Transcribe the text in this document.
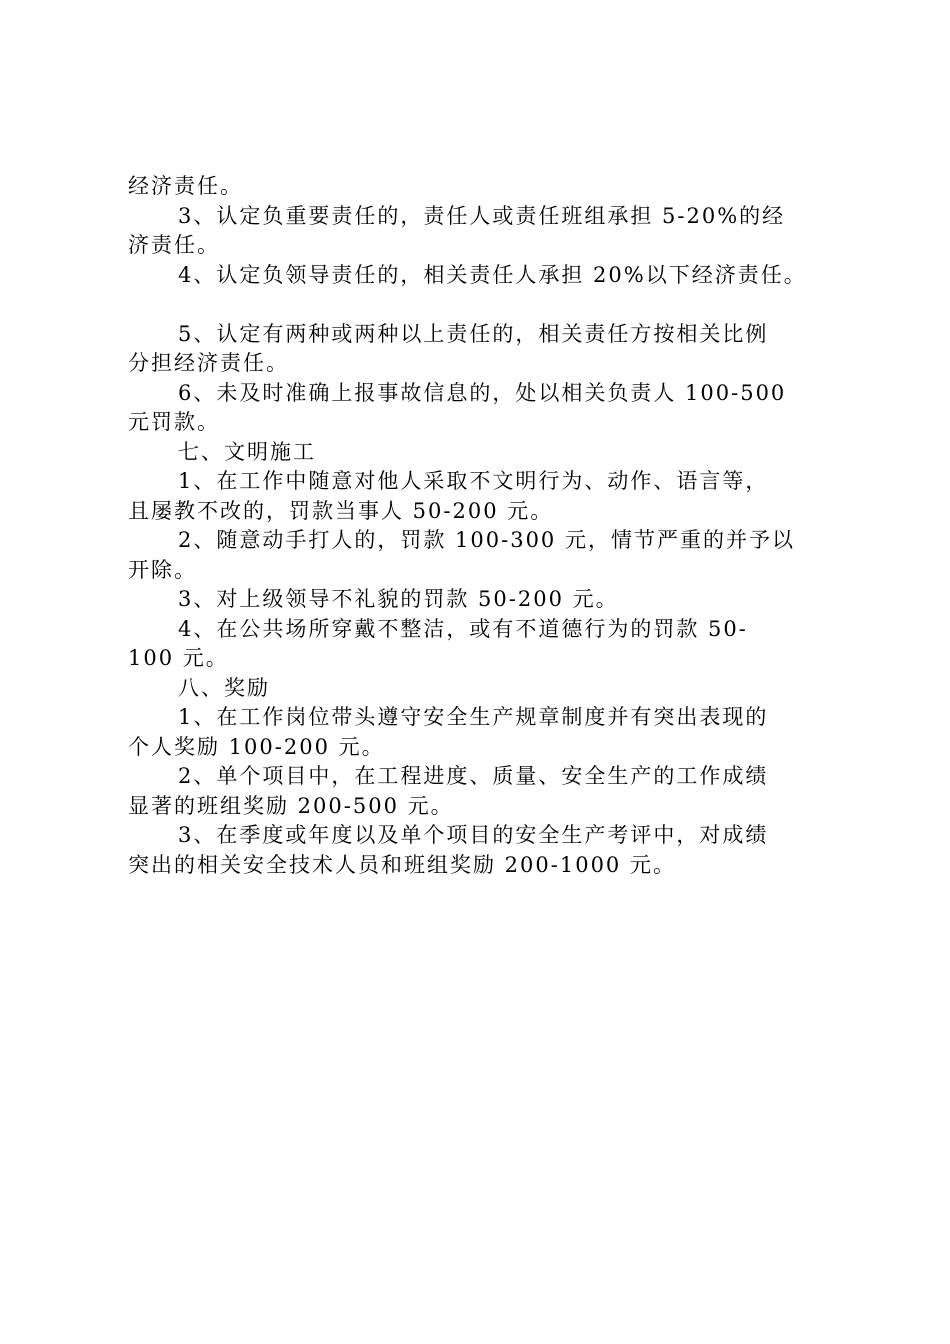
经济责任。
3、认定负重要责任的，责任人或责任班组承担 5-20%的经
济责任。
4、认定负领导责任的，相关责任人承担 20%以下经济责任。
5、认定有两种或两种以上责任的，相关责任方按相关比例
分担经济责任。
6、未及时准确上报事故信息的，处以相关负责人 100-500
元罚款。
七、文明施工
1、在工作中随意对他人采取不文明行为、动作、语言等，
且屡教不改的，罚款当事人 50-200 元。
2、随意动手打人的，罚款 100-300 元，情节严重的并予以
开除。
3、对上级领导不礼貌的罚款 50-200 元。
4、在公共场所穿戴不整洁，或有不道德行为的罚款 50-
100 元。
八、奖励
1、在工作岗位带头遵守安全生产规章制度并有突出表现的
个人奖励 100-200 元。
2、单个项目中，在工程进度、质量、安全生产的工作成绩
显著的班组奖励 200-500 元。
3、在季度或年度以及单个项目的安全生产考评中，对成绩
突出的相关安全技术人员和班组奖励 200-1000 元。
